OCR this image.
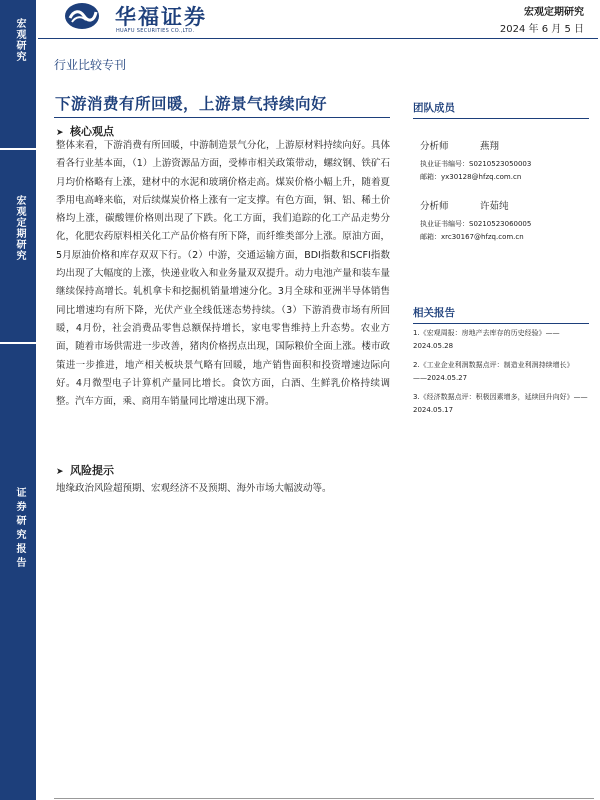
宏观研究
宏观定期研究
证券研究报告
华福证券
HUAFU SECURITIES CO.,LTD.
宏观定期研究
2024 年 6 月 5 日
行业比较专刊
下游消费有所回暖，上游景气持续向好
➤ 核心观点
整体来看，下游消费有所回暖，中游制造景气分化，上游原材料持续向好。具体看各行业基本面，（1）上游资源品方面，受棒市相关政策带动，螺纹钢、铁矿石月均价格略有上涨，建材中的水泥和玻璃价格走高。煤炭价格小幅上升，随着夏季用电高峰来临，对后续煤炭价格上涨有一定支撑。有色方面，铜、铝、稀土价格均上涨，碳酸锂价格则出现了下跌。化工方面，我们追踪的化工产品走势分化，化肥农药原料相关化工产品价格有所下降，而纤维类部分上涨。原油方面，5月原油价格和库存双双下行。（2）中游，交通运输方面，BDI指数和SCFI指数均出现了大幅度的上涨，快递业收入和业务量双双提升。动力电池产量和装车量继续保持高增长。轧机拿卡和挖掘机销量增速分化。3月全球和亚洲半导体销售同比增速均有所下降，光伏产业全线低迷态势持续。（3）下游消费市场有所回暖，4月份，社会消费品零售总额保持增长，家电零售维持上升态势。农业方面，随着市场供需进一步改善，猪肉价格拐点出现，国际粮价全面上涨。楼市政策进一步推进，地产相关板块景气略有回暖，地产销售面积和投资增速边际向好。4月微型电子计算机产量同比增长。食饮方面，白酒、生鲜乳价格持续调整。汽车方面，乘、商用车销量同比增速出现下滑。
➤ 风险提示
地缘政治风险超预期、宏观经济不及预期、海外市场大幅波动等。
团队成员
分析师	燕翔
执业证书编号：S0210523050003
邮箱：yx30128@hfzq.com.cn
分析师	许茹纯
执业证书编号：S0210523060005
邮箱：xrc30167@hfzq.com.cn
相关报告
1.《宏观周报：房地产去库存的历史经验》—— 2024.05.28
2.《工业企业利润数据点评：制造业利润持续增长》 ——2024.05.27
3.《经济数据点评：积极因素增多，延续回升向好》——2024.05.17
